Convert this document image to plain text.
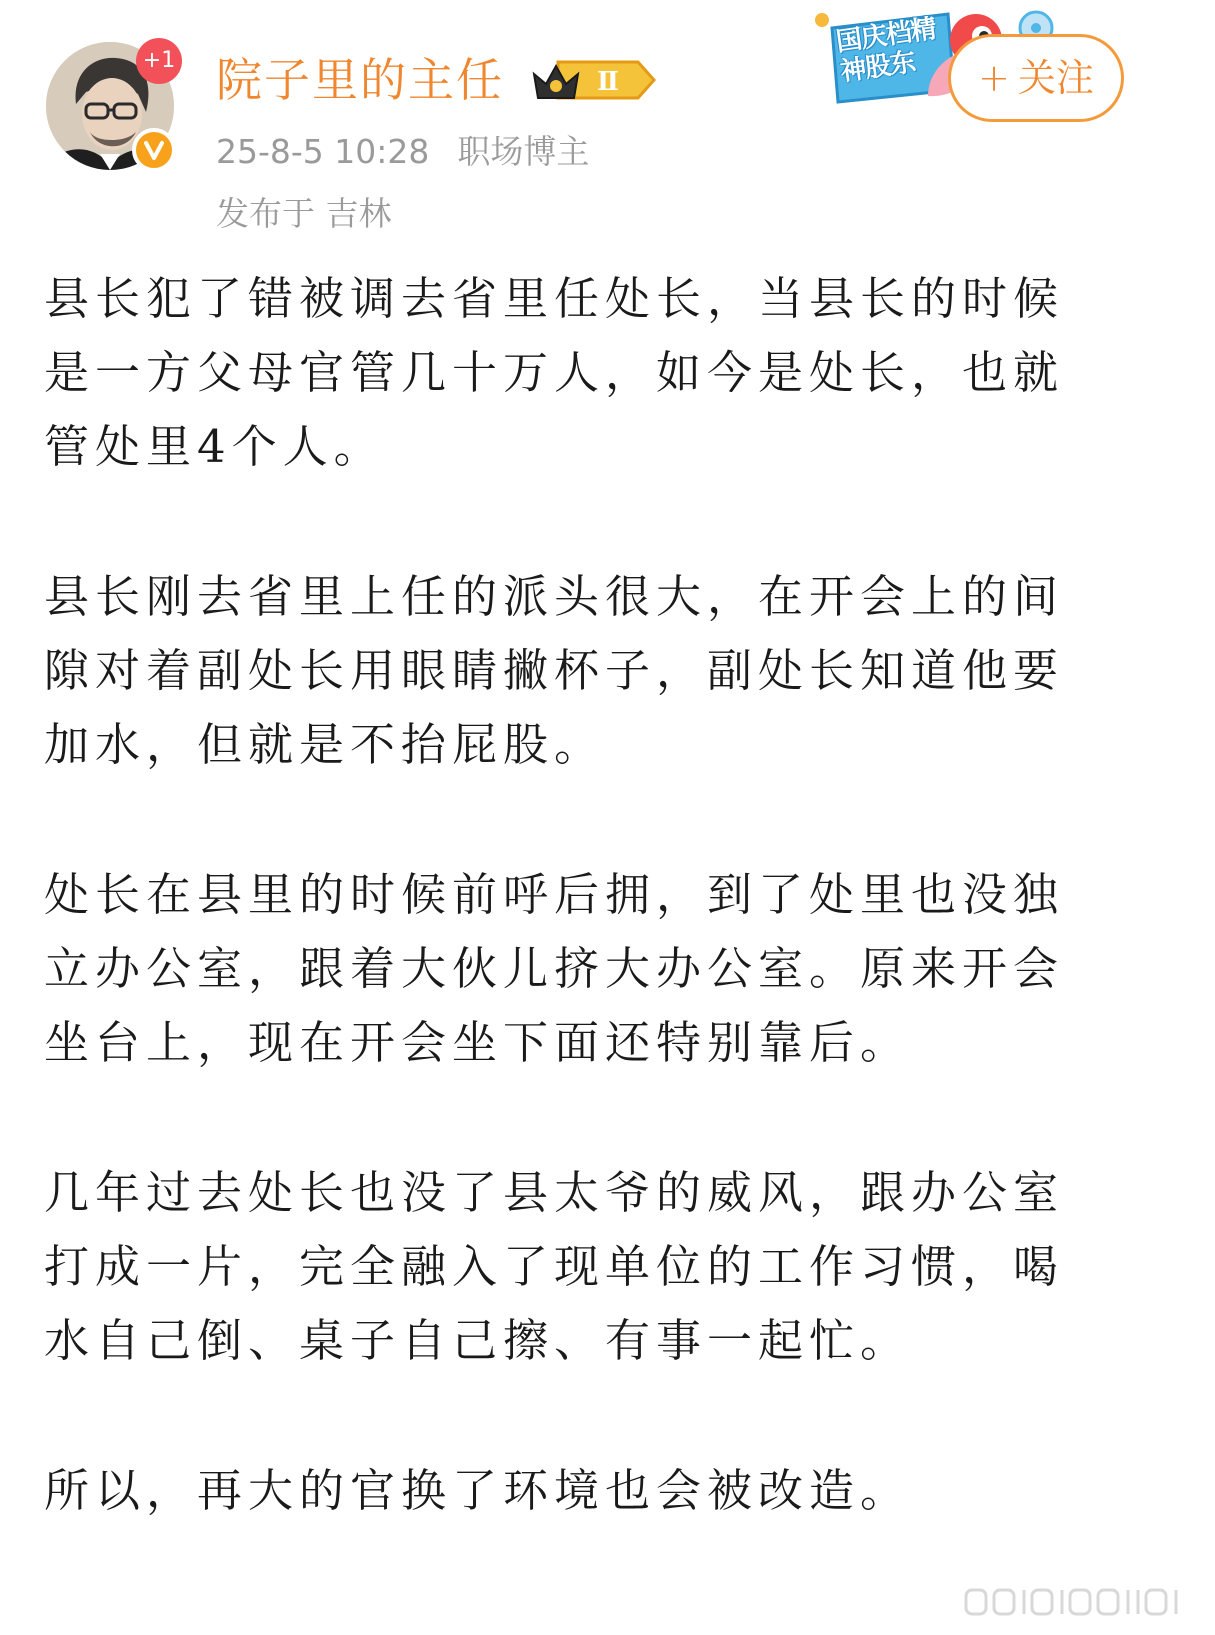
+1 院子里的主任	Ⅱ
25-8-5 10:28 职场博主
发布于 吉林
国庆档精神股东	+ 关注

县长犯了错被调去省里任处长，当县长的时候是一方父母官管几十万人，如今是处长，也就管处里4个人。

县长刚去省里上任的派头很大，在开会上的间隙对着副处长用眼睛撇杯子，副处长知道他要加水，但就是不抬屁股。

处长在县里的时候前呼后拥，到了处里也没独立办公室，跟着大伙儿挤大办公室。原来开会坐台上，现在开会坐下面还特别靠后。

几年过去处长也没了县太爷的威风，跟办公室打成一片，完全融入了现单位的工作习惯，喝水自己倒、桌子自己擦、有事一起忙。

所以，再大的官换了环境也会被改造。
